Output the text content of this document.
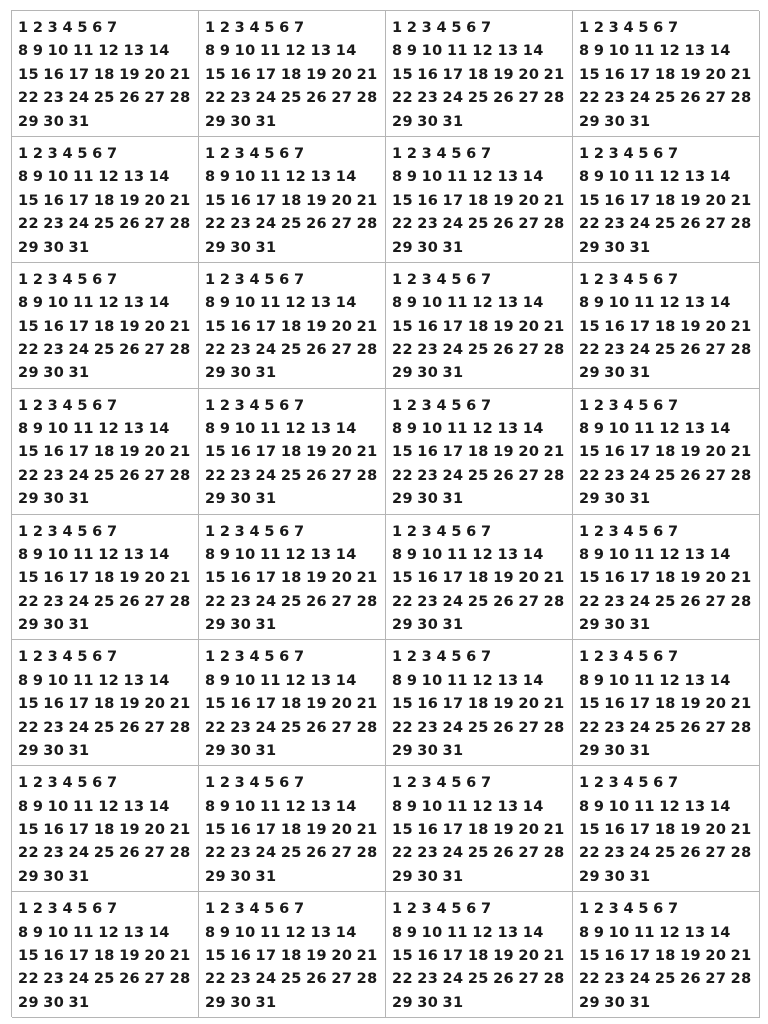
1 2 3 4 5 6 7
8 9 10 11 12 13 14
15 16 17 18 19 20 21
22 23 24 25 26 27 28
29 30 31
1 2 3 4 5 6 7
8 9 10 11 12 13 14
15 16 17 18 19 20 21
22 23 24 25 26 27 28
29 30 31
1 2 3 4 5 6 7
8 9 10 11 12 13 14
15 16 17 18 19 20 21
22 23 24 25 26 27 28
29 30 31
1 2 3 4 5 6 7
8 9 10 11 12 13 14
15 16 17 18 19 20 21
22 23 24 25 26 27 28
29 30 31
1 2 3 4 5 6 7
8 9 10 11 12 13 14
15 16 17 18 19 20 21
22 23 24 25 26 27 28
29 30 31
1 2 3 4 5 6 7
8 9 10 11 12 13 14
15 16 17 18 19 20 21
22 23 24 25 26 27 28
29 30 31
1 2 3 4 5 6 7
8 9 10 11 12 13 14
15 16 17 18 19 20 21
22 23 24 25 26 27 28
29 30 31
1 2 3 4 5 6 7
8 9 10 11 12 13 14
15 16 17 18 19 20 21
22 23 24 25 26 27 28
29 30 31
1 2 3 4 5 6 7
8 9 10 11 12 13 14
15 16 17 18 19 20 21
22 23 24 25 26 27 28
29 30 31
1 2 3 4 5 6 7
8 9 10 11 12 13 14
15 16 17 18 19 20 21
22 23 24 25 26 27 28
29 30 31
1 2 3 4 5 6 7
8 9 10 11 12 13 14
15 16 17 18 19 20 21
22 23 24 25 26 27 28
29 30 31
1 2 3 4 5 6 7
8 9 10 11 12 13 14
15 16 17 18 19 20 21
22 23 24 25 26 27 28
29 30 31
1 2 3 4 5 6 7
8 9 10 11 12 13 14
15 16 17 18 19 20 21
22 23 24 25 26 27 28
29 30 31
1 2 3 4 5 6 7
8 9 10 11 12 13 14
15 16 17 18 19 20 21
22 23 24 25 26 27 28
29 30 31
1 2 3 4 5 6 7
8 9 10 11 12 13 14
15 16 17 18 19 20 21
22 23 24 25 26 27 28
29 30 31
1 2 3 4 5 6 7
8 9 10 11 12 13 14
15 16 17 18 19 20 21
22 23 24 25 26 27 28
29 30 31
1 2 3 4 5 6 7
8 9 10 11 12 13 14
15 16 17 18 19 20 21
22 23 24 25 26 27 28
29 30 31
1 2 3 4 5 6 7
8 9 10 11 12 13 14
15 16 17 18 19 20 21
22 23 24 25 26 27 28
29 30 31
1 2 3 4 5 6 7
8 9 10 11 12 13 14
15 16 17 18 19 20 21
22 23 24 25 26 27 28
29 30 31
1 2 3 4 5 6 7
8 9 10 11 12 13 14
15 16 17 18 19 20 21
22 23 24 25 26 27 28
29 30 31
1 2 3 4 5 6 7
8 9 10 11 12 13 14
15 16 17 18 19 20 21
22 23 24 25 26 27 28
29 30 31
1 2 3 4 5 6 7
8 9 10 11 12 13 14
15 16 17 18 19 20 21
22 23 24 25 26 27 28
29 30 31
1 2 3 4 5 6 7
8 9 10 11 12 13 14
15 16 17 18 19 20 21
22 23 24 25 26 27 28
29 30 31
1 2 3 4 5 6 7
8 9 10 11 12 13 14
15 16 17 18 19 20 21
22 23 24 25 26 27 28
29 30 31
1 2 3 4 5 6 7
8 9 10 11 12 13 14
15 16 17 18 19 20 21
22 23 24 25 26 27 28
29 30 31
1 2 3 4 5 6 7
8 9 10 11 12 13 14
15 16 17 18 19 20 21
22 23 24 25 26 27 28
29 30 31
1 2 3 4 5 6 7
8 9 10 11 12 13 14
15 16 17 18 19 20 21
22 23 24 25 26 27 28
29 30 31
1 2 3 4 5 6 7
8 9 10 11 12 13 14
15 16 17 18 19 20 21
22 23 24 25 26 27 28
29 30 31
1 2 3 4 5 6 7
8 9 10 11 12 13 14
15 16 17 18 19 20 21
22 23 24 25 26 27 28
29 30 31
1 2 3 4 5 6 7
8 9 10 11 12 13 14
15 16 17 18 19 20 21
22 23 24 25 26 27 28
29 30 31
1 2 3 4 5 6 7
8 9 10 11 12 13 14
15 16 17 18 19 20 21
22 23 24 25 26 27 28
29 30 31
1 2 3 4 5 6 7
8 9 10 11 12 13 14
15 16 17 18 19 20 21
22 23 24 25 26 27 28
29 30 31
